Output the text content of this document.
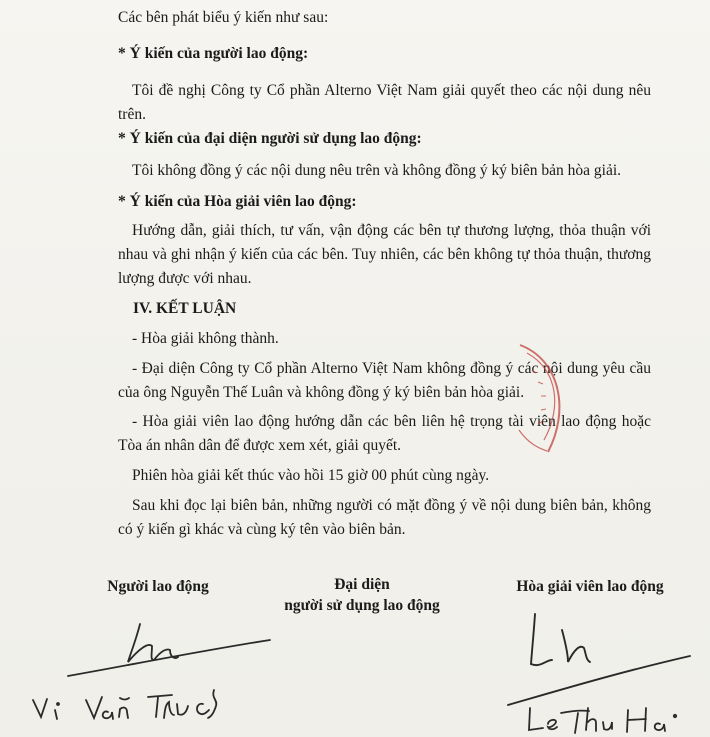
Các bên phát biểu ý kiến như sau:
* Ý kiến của người lao động:
Tôi đề nghị Công ty Cổ phần Alterno Việt Nam giải quyết theo các nội dung nêu trên.
* Ý kiến của đại diện người sử dụng lao động:
Tôi không đồng ý các nội dung nêu trên và không đồng ý ký biên bản hòa giải.
* Ý kiến của Hòa giải viên lao động:
Hướng dẫn, giải thích, tư vấn, vận động các bên tự thương lượng, thỏa thuận với nhau và ghi nhận ý kiến của các bên. Tuy nhiên, các bên không tự thỏa thuận, thương lượng được với nhau.
IV. KẾT LUẬN
- Hòa giải không thành.
- Đại diện Công ty Cổ phần Alterno Việt Nam không đồng ý các nội dung yêu cầu của ông Nguyễn Thế Luân và không đồng ý ký biên bản hòa giải.
- Hòa giải viên lao động hướng dẫn các bên liên hệ trọng tài viên lao động hoặc Tòa án nhân dân để được xem xét, giải quyết.
Phiên hòa giải kết thúc vào hồi 15 giờ 00 phút cùng ngày.
Sau khi đọc lại biên bản, những người có mặt đồng ý về nội dung biên bản, không có ý kiến gì khác và cùng ký tên vào biên bản.
Người lao động	Đại diện
người sử dụng lao động
Hòa giải viên lao động
